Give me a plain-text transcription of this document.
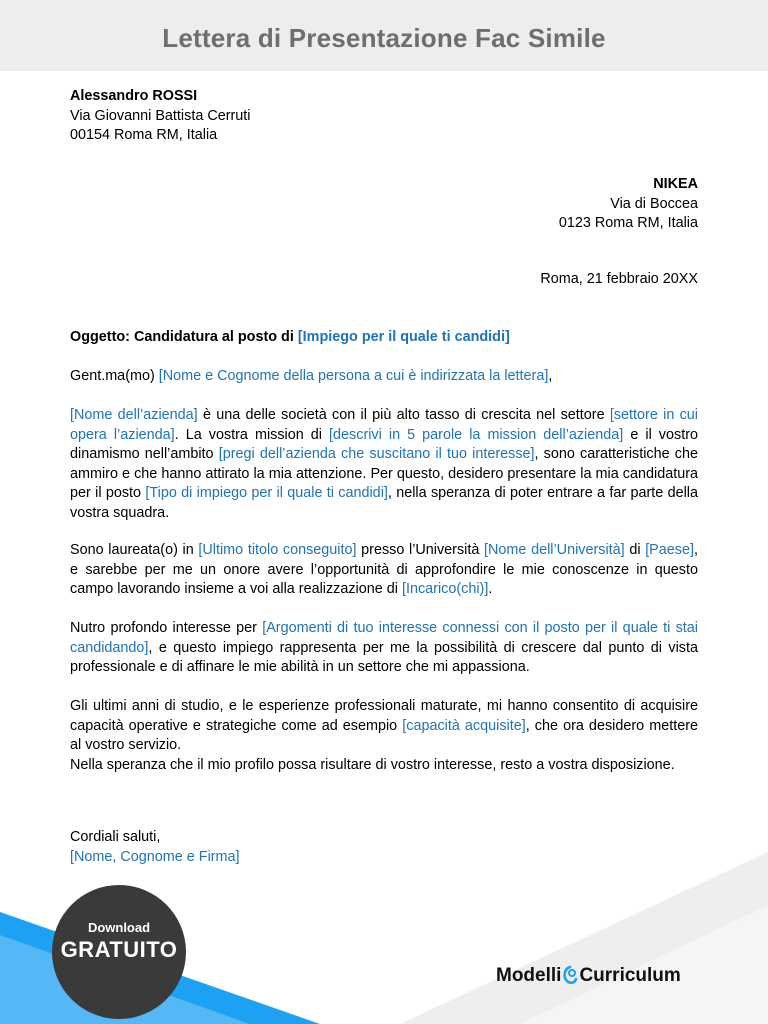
Lettera di Presentazione Fac Simile
Alessandro ROSSI
Via Giovanni Battista Cerruti
00154 Roma RM, Italia
NIKEA
Via di Boccea
0123 Roma RM, Italia
Roma, 21 febbraio 20XX
Oggetto: Candidatura al posto di [Impiego per il quale ti candidi]
Gent.ma(mo) [Nome e Cognome della persona a cui è indirizzata la lettera],
[Nome dell’azienda] è una delle società con il più alto tasso di crescita nel settore [settore in cui opera l’azienda]. La vostra mission di [descrivi in 5 parole la mission dell’azienda] e il vostro dinamismo nell’ambito [pregi dell’azienda che suscitano il tuo interesse], sono caratteristiche che ammiro e che hanno attirato la mia attenzione. Per questo, desidero presentare la mia candidatura per il posto [Tipo di impiego per il quale ti candidi], nella speranza di poter entrare a far parte della vostra squadra.
Sono laureata(o) in [Ultimo titolo conseguito] presso l’Università [Nome dell’Università] di [Paese], e sarebbe per me un onore avere l’opportunità di approfondire le mie conoscenze in questo campo lavorando insieme a voi alla realizzazione di [Incarico(chi)].
Nutro profondo interesse per [Argomenti di tuo interesse connessi con il posto per il quale ti stai candidando], e questo impiego rappresenta per me la possibilità di crescere dal punto di vista professionale e di affinare le mie abilità in un settore che mi appassiona.
Gli ultimi anni di studio, e le esperienze professionali maturate, mi hanno consentito di acquisire capacità operative e strategiche come ad esempio [capacità acquisite], che ora desidero mettere al vostro servizio.
Nella speranza che il mio profilo possa risultare di vostro interesse, resto a vostra disposizione.
Cordiali saluti,
[Nome, Cognome e Firma]
Download
GRATUITO
Modelli Curriculum
